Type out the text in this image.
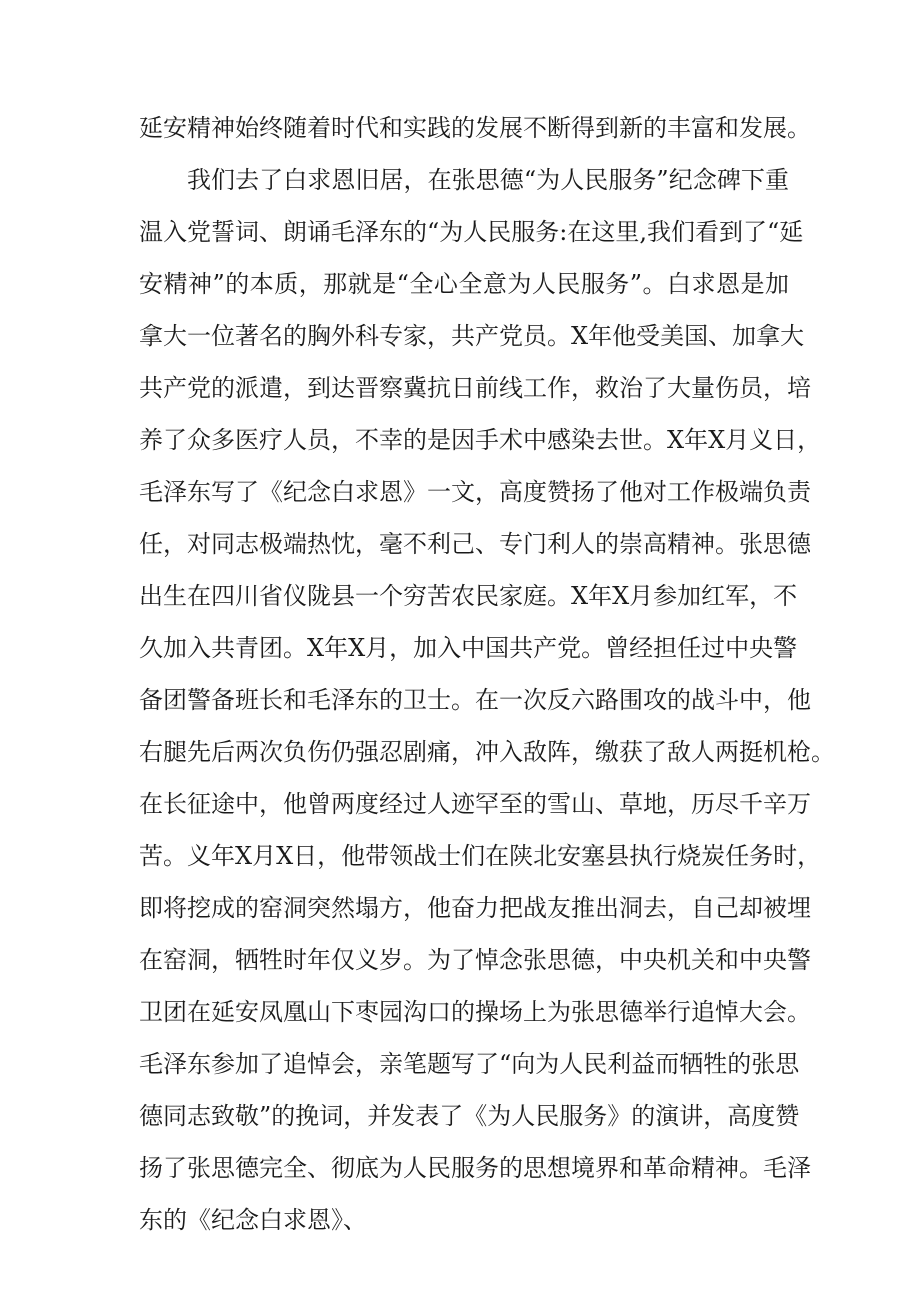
延安精神始终随着时代和实践的发展不断得到新的丰富和发展。
我们去了白求恩旧居，在张思德“为人民服务”纪念碑下重
温入党誓词、朗诵毛泽东的“为人民服务:在这里,我们看到了“延
安精神”的本质，那就是“全心全意为人民服务”。白求恩是加
拿大一位著名的胸外科专家，共产党员。X年他受美国、加拿大
共产党的派遣，到达晋察冀抗日前线工作，救治了大量伤员，培
养了众多医疗人员，不幸的是因手术中感染去世。X年X月义日，
毛泽东写了《纪念白求恩》一文，高度赞扬了他对工作极端负责
任，对同志极端热忱，毫不利己、专门利人的崇高精神。张思德
出生在四川省仪陇县一个穷苦农民家庭。X年X月参加红军，不
久加入共青团。X年X月，加入中国共产党。曾经担任过中央警
备团警备班长和毛泽东的卫士。在一次反六路围攻的战斗中，他
右腿先后两次负伤仍强忍剧痛，冲入敌阵，缴获了敌人两挺机枪。
在长征途中，他曾两度经过人迹罕至的雪山、草地，历尽千辛万
苦。义年X月X日，他带领战士们在陕北安塞县执行烧炭任务时，
即将挖成的窑洞突然塌方，他奋力把战友推出洞去，自己却被埋
在窑洞，牺牲时年仅义岁。为了悼念张思德，中央机关和中央警
卫团在延安凤凰山下枣园沟口的操场上为张思德举行追悼大会。
毛泽东参加了追悼会，亲笔题写了“向为人民利益而牺牲的张思
德同志致敬”的挽词，并发表了《为人民服务》的演讲，高度赞
扬了张思德完全、彻底为人民服务的思想境界和革命精神。毛泽
东的《纪念白求恩》、
